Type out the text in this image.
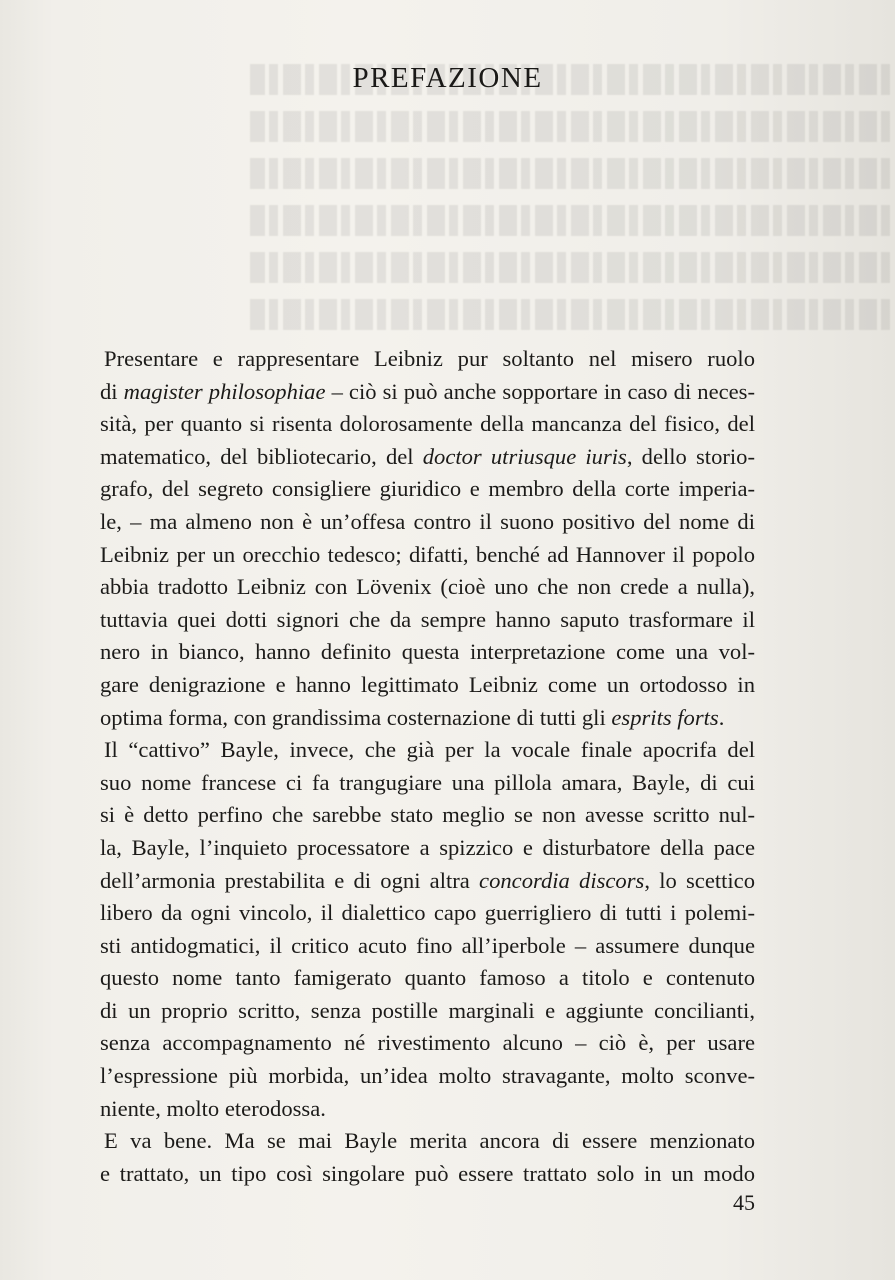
PREFAZIONE

Presentare e rappresentare Leibniz pur soltanto nel misero ruolo
di magister philosophiae – ciò si può anche sopportare in caso di neces-
sità, per quanto si risenta dolorosamente della mancanza del fisico, del
matematico, del bibliotecario, del doctor utriusque iuris, dello storio-
grafo, del segreto consigliere giuridico e membro della corte imperia-
le, – ma almeno non è un’offesa contro il suono positivo del nome di
Leibniz per un orecchio tedesco; difatti, benché ad Hannover il popolo
abbia tradotto Leibniz con Lövenix (cioè uno che non crede a nulla),
tuttavia quei dotti signori che da sempre hanno saputo trasformare il
nero in bianco, hanno definito questa interpretazione come una vol-
gare denigrazione e hanno legittimato Leibniz come un ortodosso in
optima forma, con grandissima costernazione di tutti gli esprits forts.

Il “cattivo” Bayle, invece, che già per la vocale finale apocrifa del
suo nome francese ci fa trangugiare una pillola amara, Bayle, di cui
si è detto perfino che sarebbe stato meglio se non avesse scritto nul-
la, Bayle, l’inquieto processatore a spizzico e disturbatore della pace
dell’armonia prestabilita e di ogni altra concordia discors, lo scettico
libero da ogni vincolo, il dialettico capo guerrigliero di tutti i polemi-
sti antidogmatici, il critico acuto fino all’iperbole – assumere dunque
questo nome tanto famigerato quanto famoso a titolo e contenuto
di un proprio scritto, senza postille marginali e aggiunte concilianti,
senza accompagnamento né rivestimento alcuno – ciò è, per usare
l’espressione più morbida, un’idea molto stravagante, molto sconve-
niente, molto eterodossa.

E va bene. Ma se mai Bayle merita ancora di essere menzionato
e trattato, un tipo così singolare può essere trattato solo in un modo

45
